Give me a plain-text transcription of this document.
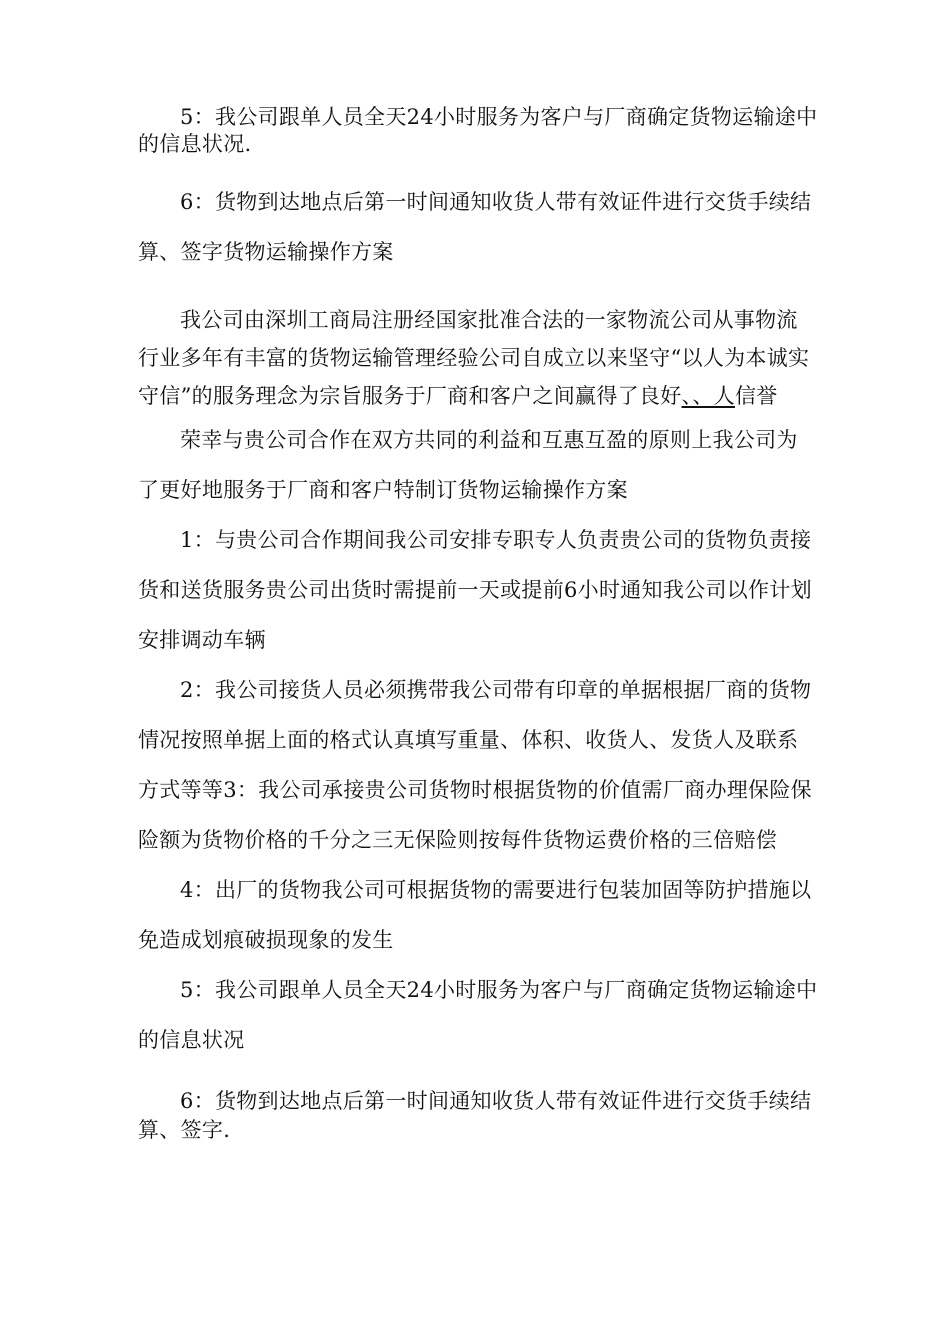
5：我公司跟单人员全天24小时服务为客户与厂商确定货物运输途中的信息状况.

6：货物到达地点后第一时间通知收货人带有效证件进行交货手续结算、签字货物运输操作方案

我公司由深圳工商局注册经国家批准合法的一家物流公司从事物流行业多年有丰富的货物运输管理经验公司自成立以来坚守“以人为本诚实守信”的服务理念为宗旨服务于厂商和客户之间赢得了良好、、人信誉

荣幸与贵公司合作在双方共同的利益和互惠互盈的原则上我公司为了更好地服务于厂商和客户特制订货物运输操作方案

1：与贵公司合作期间我公司安排专职专人负责贵公司的货物负责接货和送货服务贵公司出货时需提前一天或提前6小时通知我公司以作计划安排调动车辆

2：我公司接货人员必须携带我公司带有印章的单据根据厂商的货物情况按照单据上面的格式认真填写重量、体积、收货人、发货人及联系方式等等3：我公司承接贵公司货物时根据货物的价值需厂商办理保险保险额为货物价格的千分之三无保险则按每件货物运费价格的三倍赔偿

4：出厂的货物我公司可根据货物的需要进行包装加固等防护措施以免造成划痕破损现象的发生

5：我公司跟单人员全天24小时服务为客户与厂商确定货物运输途中的信息状况

6：货物到达地点后第一时间通知收货人带有效证件进行交货手续结算、签字.
